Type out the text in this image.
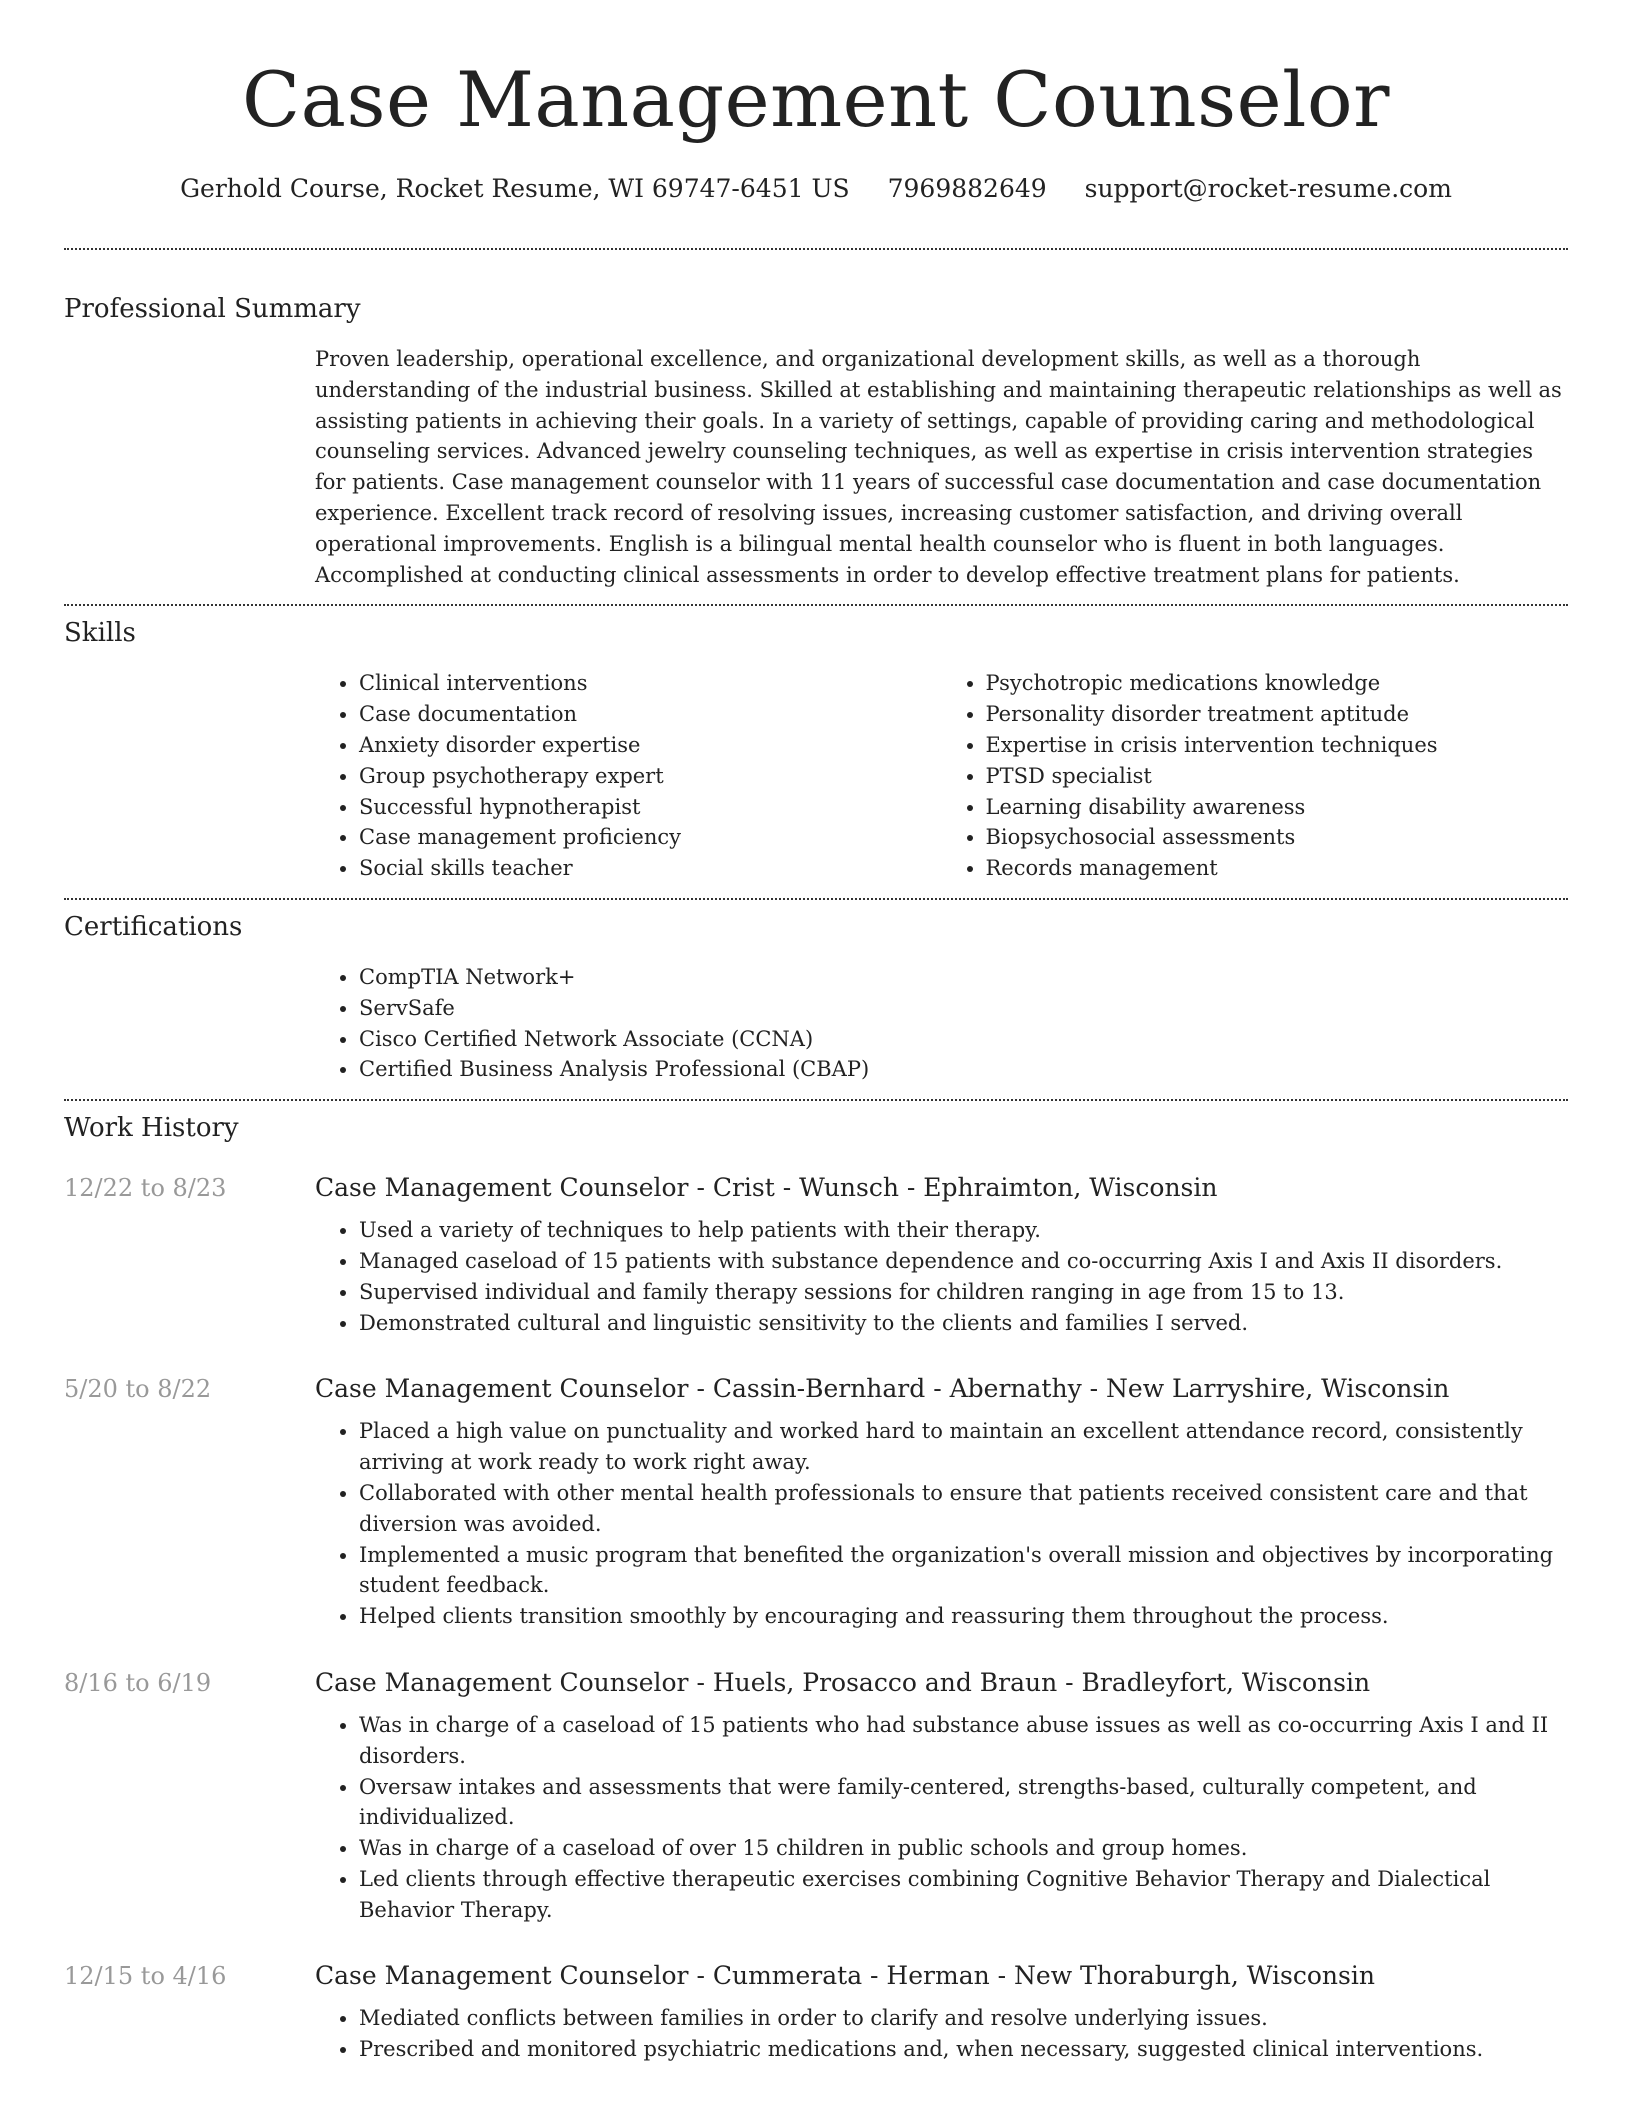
Case Management Counselor
Gerhold Course, Rocket Resume, WI 69747-6451 US 7969882649 support@rocket-resume.com
Professional Summary

Proven leadership, operational excellence, and organizational development skills, as well as a thorough understanding of the industrial business. Skilled at establishing and maintaining therapeutic relationships as well as assisting patients in achieving their goals. In a variety of settings, capable of providing caring and methodological counseling services. Advanced jewelry counseling techniques, as well as expertise in crisis intervention strategies for patients. Case management counselor with 11 years of successful case documentation and case documentation experience. Excellent track record of resolving issues, increasing customer satisfaction, and driving overall operational improvements. English is a bilingual mental health counselor who is fluent in both languages. Accomplished at conducting clinical assessments in order to develop effective treatment plans for patients.

Skills
• Clinical interventions
• Case documentation
• Anxiety disorder expertise
• Group psychotherapy expert
• Successful hypnotherapist
• Case management proficiency
• Social skills teacher
• Psychotropic medications knowledge
• Personality disorder treatment aptitude
• Expertise in crisis intervention techniques
• PTSD specialist
• Learning disability awareness
• Biopsychosocial assessments
• Records management
Certifications
• CompTIA Network+
• ServSafe
• Cisco Certified Network Associate (CCNA)
• Certified Business Analysis Professional (CBAP)
Work History
12/22 to 8/23	Case Management Counselor - Crist - Wunsch - Ephraimton, Wisconsin
• Used a variety of techniques to help patients with their therapy.
• Managed caseload of 15 patients with substance dependence and co-occurring Axis I and Axis II disorders.
• Supervised individual and family therapy sessions for children ranging in age from 15 to 13.
• Demonstrated cultural and linguistic sensitivity to the clients and families I served.
5/20 to 8/22	Case Management Counselor - Cassin-Bernhard - Abernathy - New Larryshire, Wisconsin
• Placed a high value on punctuality and worked hard to maintain an excellent attendance record, consistently arriving at work ready to work right away.
• Collaborated with other mental health professionals to ensure that patients received consistent care and that diversion was avoided.
• Implemented a music program that benefited the organization's overall mission and objectives by incorporating student feedback.
• Helped clients transition smoothly by encouraging and reassuring them throughout the process.
8/16 to 6/19	Case Management Counselor - Huels, Prosacco and Braun - Bradleyfort, Wisconsin
• Was in charge of a caseload of 15 patients who had substance abuse issues as well as co-occurring Axis I and II disorders.
• Oversaw intakes and assessments that were family-centered, strengths-based, culturally competent, and individualized.
• Was in charge of a caseload of over 15 children in public schools and group homes.
• Led clients through effective therapeutic exercises combining Cognitive Behavior Therapy and Dialectical Behavior Therapy.
12/15 to 4/16	Case Management Counselor - Cummerata - Herman - New Thoraburgh, Wisconsin
• Mediated conflicts between families in order to clarify and resolve underlying issues.
• Prescribed and monitored psychiatric medications and, when necessary, suggested clinical interventions.
